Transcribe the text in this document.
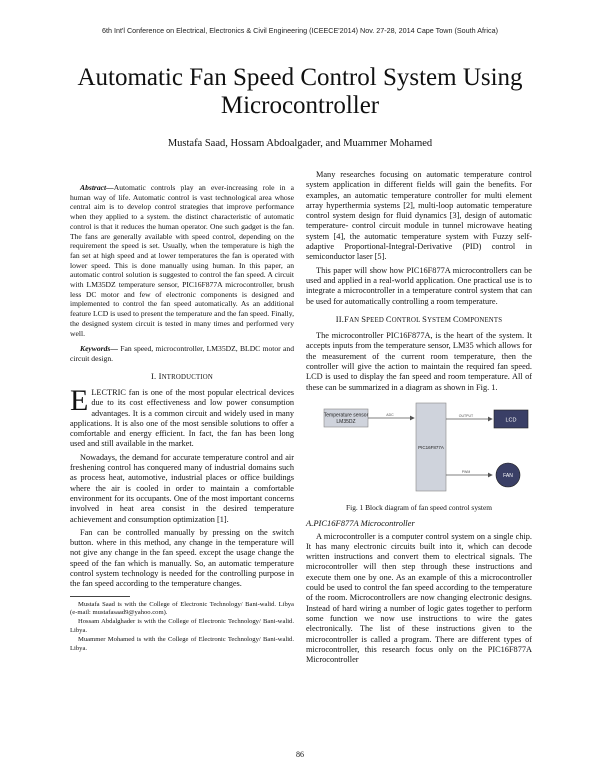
6th Int'l Conference on Electrical, Electronics & Civil Engineering (ICEECE'2014) Nov. 27-28, 2014 Cape Town (South Africa)
Automatic Fan Speed Control System Using Microcontroller
Mustafa Saad, Hossam Abdoalgader, and Muammer Mohamed

Abstract—Automatic controls play an ever-increasing role in a human way of life. Automatic control is vast technological area whose central aim is to develop control strategies that improve performance when they applied to a system. the distinct characteristic of automatic control is that it reduces the human operator. One such gadget is the fan. The fans are generally available with speed control, depending on the requirement the speed is set. Usually, when the temperature is high the fan set at high speed and at lower temperatures the fan is operated with lower speed. This is done manually using human. In this paper, an automatic control solution is suggested to control the fan speed. A circuit with LM35DZ temperature sensor, PIC16F877A microcontroller, brush less DC motor and few of electronic components is designed and implemented to control the fan speed automatically. As an additional feature LCD is used to present the temperature and the fan speed. Finally, the designed system circuit is tested in many times and performed very well.

Keywords— Fan speed, microcontroller, LM35DZ, BLDC motor and circuit design.

I. INTRODUCTION

ELECTRIC fan is one of the most popular electrical devices due to its cost effectiveness and low power consumption advantages. It is a common circuit and widely used in many applications. It is also one of the most sensible solutions to offer a comfortable and energy efficient. In fact, the fan has been long used and still available in the market.

Nowadays, the demand for accurate temperature control and air freshening control has conquered many of industrial domains such as process heat, automotive, industrial places or office buildings where the air is cooled in order to maintain a comfortable environment for its occupants. One of the most important concerns involved in heat area consist in the desired temperature achievement and consumption optimization [1].

Fan can be controlled manually by pressing on the switch button. where in this method, any change in the temperature will not give any change in the fan speed. except the usage change the speed of the fan which is manually. So, an automatic temperature control system technology is needed for the controlling purpose in the fan speed according to the temperature changes.

Mustafa Saad is with the College of Electronic Technology/ Bani-walid. Libya (e-mail: mustafasaad9@yahoo.com).

Hossam Abdalghader is with the College of Electronic Technology/ Bani-walid. Libya.

Muammer Mohamed is with the College of Electronic Technology/ Bani-walid. Libya.

Many researches focusing on automatic temperature control system application in different fields will gain the benefits. For examples, an automatic temperature controller for multi element array hyperthermia systems [2], multi-loop automatic temperature control system design for fluid dynamics [3], design of automatic temperature- control circuit module in tunnel microwave heating system [4], the automatic temperature system with Fuzzy self-adaptive Proportional-Integral-Derivative (PID) control in semiconductor laser [5].

This paper will show how PIC16F877A microcontrollers can be used and applied in a real-world application. One practical use is to integrate a microcontroller in a temperature control system that can be used for automatically controlling a room temperature.

II.FAN SPEED CONTROL SYSTEM COMPONENTS

The microcontroller PIC16F877A, is the heart of the system. It accepts inputs from the temperature sensor, LM35 which allows for the measurement of the current room temperature, then the controller will give the action to maintain the required fan speed. LCD is used to display the fan speed and room temperature. All of these can be summarized in a diagram as shown in Fig. 1.

Temperature sensor
LM35DZ
ADC
PIC16F877A
OUTPUT
LCD
PWM
FAN
Fig. 1 Block diagram of fan speed control system
A.PIC16F877A Microcontroller

A microcontroller is a computer control system on a single chip. It has many electronic circuits built into it, which can decode written instructions and convert them to electrical signals. The microcontroller will then step through these instructions and execute them one by one. As an example of this a microcontroller could be used to control the fan speed according to the temperature of the room. Microcontrollers are now changing electronic designs. Instead of hard wiring a number of logic gates together to perform some function we now use instructions to wire the gates electronically. The list of these instructions given to the microcontroller is called a program. There are different types of microcontroller, this research focus only on the PIC16F877A Microcontroller

86
